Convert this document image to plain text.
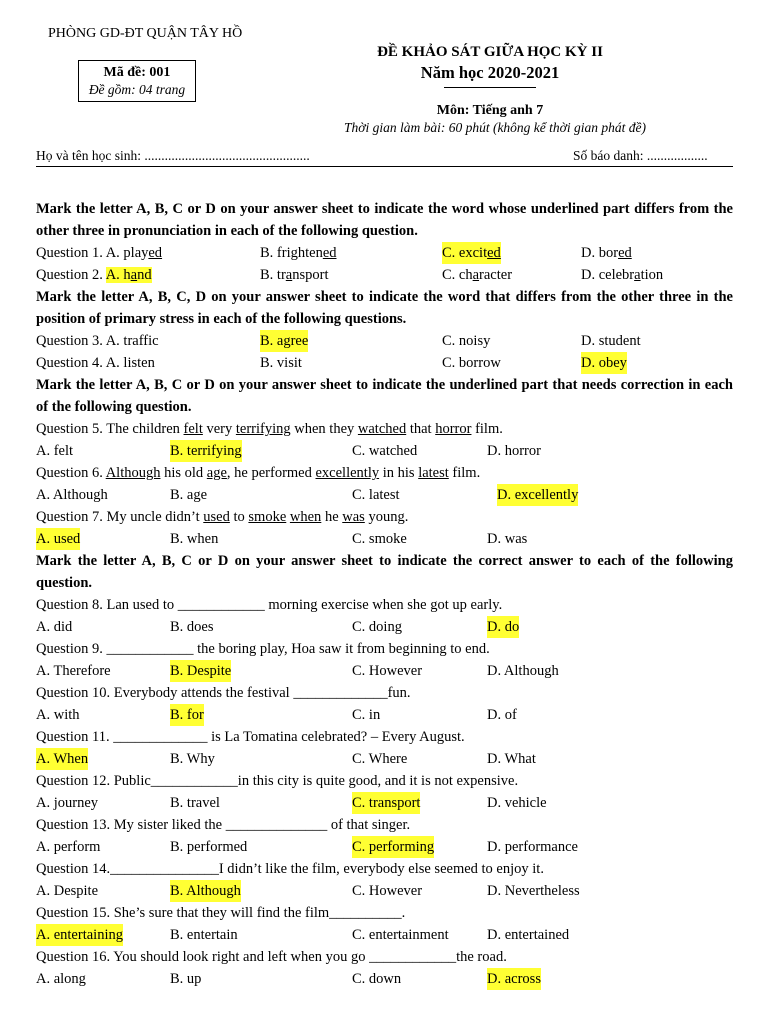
PHÒNG GD-ĐT QUẬN TÂY HỒ
Mã đề: 001
Đề gồm: 04 trang
ĐỀ KHẢO SÁT GIỮA HỌC KỲ II
Năm học 2020-2021
Môn: Tiếng anh 7
Thời gian làm bài: 60 phút (không kể thời gian phát đề)
Họ và tên học sinh: .................................................	Số báo danh: ..................
Mark the letter A, B, C or D on your answer sheet to indicate the word whose underlined part differs from the other three in pronunciation in each of the following question.
Question 1. A. played	B. frightened	C. excited	D. bored
Question 2. A. hand	B. transport	C. character	D. celebration
Mark the letter A, B, C, D on your answer sheet to indicate the word that differs from the other three in the position of primary stress in each of the following questions.
Question 3. A. traffic	B. agree	C. noisy	D. student
Question 4. A. listen	B. visit	C. borrow	D. obey
Mark the letter A, B, C or D on your answer sheet to indicate the underlined part that needs correction in each of the following question.
Question 5. The children felt very terrifying when they watched that horror film.
A. felt	B. terrifying	C. watched	D. horror
Question 6. Although his old age, he performed excellently in his latest film.
A. Although	B. age	C. latest	D. excellently
Question 7. My uncle didn’t used to smoke when he was young.
A. used	B. when	C. smoke	D. was
Mark the letter A, B, C or D on your answer sheet to indicate the correct answer to each of the following question.
Question 8. Lan used to ____________ morning exercise when she got up early.
A. did	B. does	C. doing	D. do
Question 9. ____________ the boring play, Hoa saw it from beginning to end.
A. Therefore	B. Despite	C. However	D. Although
Question 10. Everybody attends the festival _____________fun.
A. with	B. for	C. in	D. of
Question 11. _____________ is La Tomatina celebrated? – Every August.
A. When	B. Why	C. Where	D. What
Question 12. Public____________in this city is quite good, and it is not expensive.
A. journey	B. travel	C. transport	D. vehicle
Question 13. My sister liked the ______________ of that singer.
A. perform	B. performed	C. performing	D. performance
Question 14._______________I didn’t like the film, everybody else seemed to enjoy it.
A. Despite	B. Although	C. However	D. Nevertheless
Question 15. She’s sure that they will find the film__________.
A. entertaining	B. entertain	C. entertainment	D. entertained
Question 16. You should look right and left when you go ____________the road.
A. along	B. up	C. down	D. across
